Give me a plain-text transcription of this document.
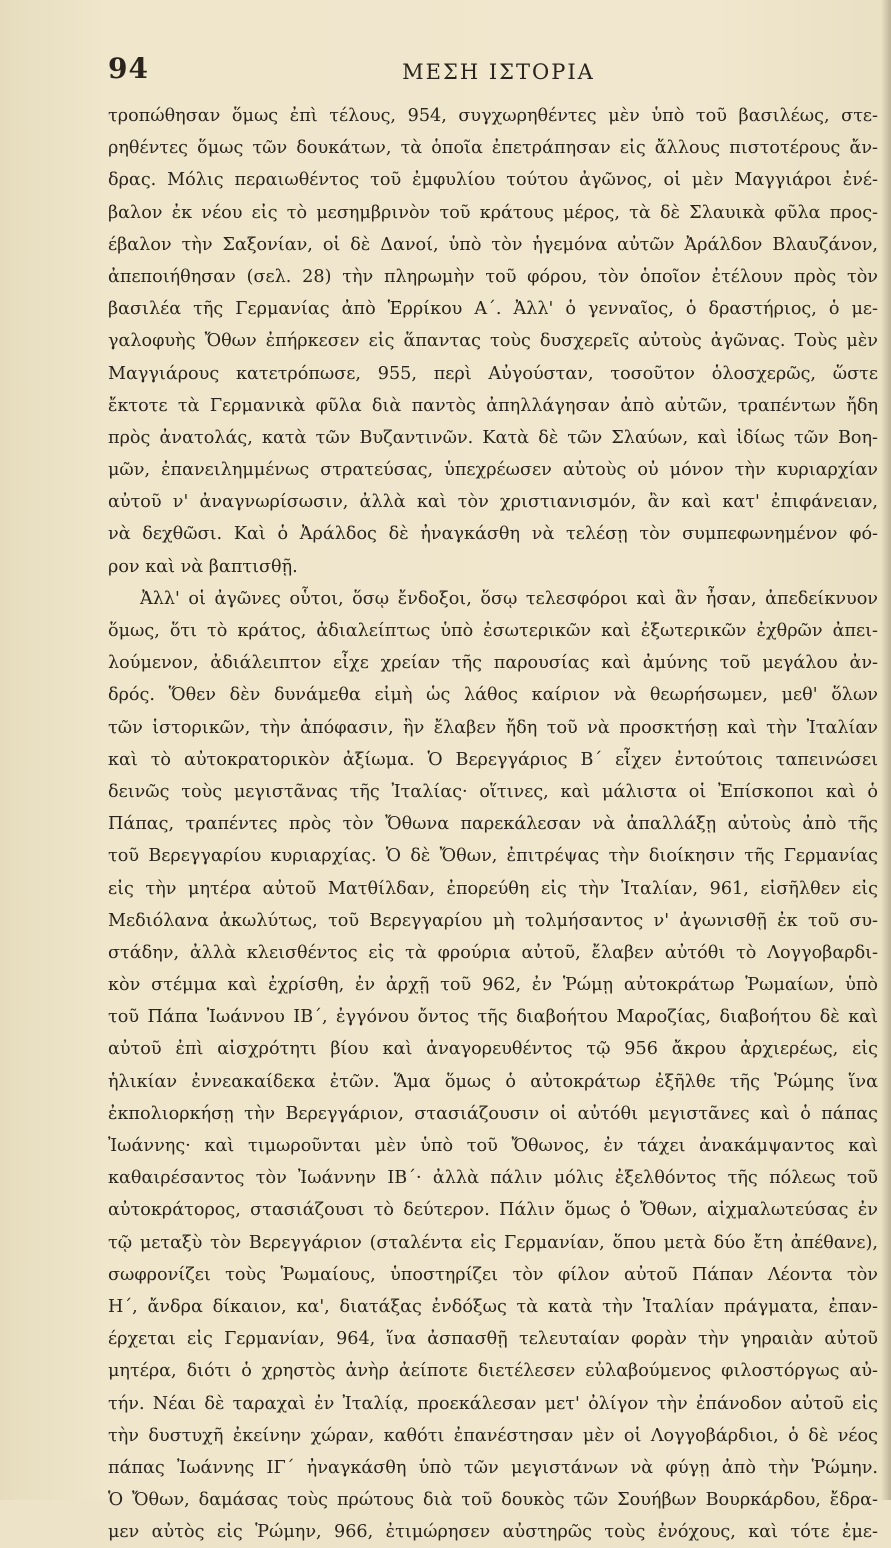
94	ΜΕΣΗ ΙΣΤΟΡΙΑ
τροπώθησαν ὅμως ἐπὶ τέλους, 954, συγχωρηθέντες μὲν ὑπὸ τοῦ βασιλέως, στε-
ρηθέντες ὅμως τῶν δουκάτων, τὰ ὁποῖα ἐπετράπησαν εἰς ἄλλους πιστοτέρους ἄν-
δρας. Μόλις περαιωθέντος τοῦ ἐμφυλίου τούτου ἀγῶνος, οἱ μὲν Μαγγιάροι ἐνέ-
βαλον ἐκ νέου εἰς τὸ μεσημβρινὸν τοῦ κράτους μέρος, τὰ δὲ Σλαυικὰ φῦλα προς-
έβαλον τὴν Σαξονίαν, οἱ δὲ Δανοί, ὑπὸ τὸν ἡγεμόνα αὐτῶν Ἀράλδον Βλαυζάνον,
ἀπεποιήθησαν (σελ. 28) τὴν πληρωμὴν τοῦ φόρου, τὸν ὁποῖον ἐτέλουν πρὸς τὸν
βασιλέα τῆς Γερμανίας ἀπὸ Ἑρρίκου Α΄. Ἀλλ' ὁ γενναῖος, ὁ δραστήριος, ὁ με-
γαλοφυὴς Ὄθων ἐπήρκεσεν εἰς ἅπαντας τοὺς δυσχερεῖς αὐτοὺς ἀγῶνας. Τοὺς μὲν
Μαγγιάρους κατετρόπωσε, 955, περὶ Αὐγούσταν, τοσοῦτον ὁλοσχερῶς, ὥστε
ἔκτοτε τὰ Γερμανικὰ φῦλα διὰ παντὸς ἀπηλλάγησαν ἀπὸ αὐτῶν, τραπέντων ἤδη
πρὸς ἀνατολάς, κατὰ τῶν Βυζαντινῶν. Κατὰ δὲ τῶν Σλαύων, καὶ ἰδίως τῶν Βοη-
μῶν, ἐπανειλημμένως στρατεύσας, ὑπεχρέωσεν αὐτοὺς οὐ μόνον τὴν κυριαρχίαν
αὐτοῦ ν' ἀναγνωρίσωσιν, ἀλλὰ καὶ τὸν χριστιανισμόν, ἂν καὶ κατ' ἐπιφάνειαν,
νὰ δεχθῶσι. Καὶ ὁ Ἀράλδος δὲ ἠναγκάσθη νὰ τελέσῃ τὸν συμπεφωνημένον φό-
ρον καὶ νὰ βαπτισθῇ.
Ἀλλ' οἱ ἀγῶνες οὗτοι, ὅσῳ ἔνδοξοι, ὅσῳ τελεσφόροι καὶ ἂν ἦσαν, ἀπεδείκνυον
ὅμως, ὅτι τὸ κράτος, ἀδιαλείπτως ὑπὸ ἐσωτερικῶν καὶ ἐξωτερικῶν ἐχθρῶν ἀπει-
λούμενον, ἀδιάλειπτον εἶχε χρείαν τῆς παρουσίας καὶ ἀμύνης τοῦ μεγάλου ἀν-
δρός. Ὅθεν δὲν δυνάμεθα εἰμὴ ὡς λάθος καίριον νὰ θεωρήσωμεν, μεθ' ὅλων
τῶν ἱστορικῶν, τὴν ἀπόφασιν, ἣν ἔλαβεν ἤδη τοῦ νὰ προσκτήσῃ καὶ τὴν Ἰταλίαν
καὶ τὸ αὐτοκρατορικὸν ἀξίωμα. Ὁ Βερεγγάριος Β΄ εἶχεν ἐντούτοις ταπεινώσει
δεινῶς τοὺς μεγιστᾶνας τῆς Ἰταλίας· οἵτινες, καὶ μάλιστα οἱ Ἐπίσκοποι καὶ ὁ
Πάπας, τραπέντες πρὸς τὸν Ὄθωνα παρεκάλεσαν νὰ ἀπαλλάξῃ αὐτοὺς ἀπὸ τῆς
τοῦ Βερεγγαρίου κυριαρχίας. Ὁ δὲ Ὄθων, ἐπιτρέψας τὴν διοίκησιν τῆς Γερμανίας
εἰς τὴν μητέρα αὐτοῦ Ματθίλδαν, ἐπορεύθη εἰς τὴν Ἰταλίαν, 961, εἰσῆλθεν εἰς
Μεδιόλανα ἀκωλύτως, τοῦ Βερεγγαρίου μὴ τολμήσαντος ν' ἀγωνισθῇ ἐκ τοῦ συ-
στάδην, ἀλλὰ κλεισθέντος εἰς τὰ φρούρια αὐτοῦ, ἔλαβεν αὐτόθι τὸ Λογγοβαρδι-
κὸν στέμμα καὶ ἐχρίσθη, ἐν ἀρχῇ τοῦ 962, ἐν Ῥώμῃ αὐτοκράτωρ Ῥωμαίων, ὑπὸ
τοῦ Πάπα Ἰωάννου ΙΒ΄, ἐγγόνου ὄντος τῆς διαβοήτου Μαροζίας, διαβοήτου δὲ καὶ
αὐτοῦ ἐπὶ αἰσχρότητι βίου καὶ ἀναγορευθέντος τῷ 956 ἄκρου ἀρχιερέως, εἰς
ἡλικίαν ἐννεακαίδεκα ἐτῶν. Ἅμα ὅμως ὁ αὐτοκράτωρ ἐξῆλθε τῆς Ῥώμης ἵνα
ἐκπολιορκήσῃ τὴν Βερεγγάριον, στασιάζουσιν οἱ αὐτόθι μεγιστᾶνες καὶ ὁ πάπας
Ἰωάννης· καὶ τιμωροῦνται μὲν ὑπὸ τοῦ Ὄθωνος, ἐν τάχει ἀνακάμψαντος καὶ
καθαιρέσαντος τὸν Ἰωάννην ΙΒ΄· ἀλλὰ πάλιν μόλις ἐξελθόντος τῆς πόλεως τοῦ
αὐτοκράτορος, στασιάζουσι τὸ δεύτερον. Πάλιν ὅμως ὁ Ὄθων, αἰχμαλωτεύσας ἐν
τῷ μεταξὺ τὸν Βερεγγάριον (σταλέντα εἰς Γερμανίαν, ὅπου μετὰ δύο ἔτη ἀπέθανε),
σωφρονίζει τοὺς Ῥωμαίους, ὑποστηρίζει τὸν φίλον αὐτοῦ Πάπαν Λέοντα τὸν
Η΄, ἄνδρα δίκαιον, κα', διατάξας ἐνδόξως τὰ κατὰ τὴν Ἰταλίαν πράγματα, ἐπαν-
έρχεται εἰς Γερμανίαν, 964, ἵνα ἀσπασθῇ τελευταίαν φορὰν τὴν γηραιὰν αὐτοῦ
μητέρα, διότι ὁ χρηστὸς ἀνὴρ ἀείποτε διετέλεσεν εὐλαβούμενος φιλοστόργως αὐ-
τήν. Νέαι δὲ ταραχαὶ ἐν Ἰταλίᾳ, προεκάλεσαν μετ' ὀλίγον τὴν ἐπάνοδον αὐτοῦ εἰς
τὴν δυστυχῆ ἐκείνην χώραν, καθότι ἐπανέστησαν μὲν οἱ Λογγοβάρδιοι, ὁ δὲ νέος
πάπας Ἰωάννης ΙΓ΄ ἠναγκάσθη ὑπὸ τῶν μεγιστάνων νὰ φύγῃ ἀπὸ τὴν Ῥώμην.
Ὁ Ὄθων, δαμάσας τοὺς πρώτους διὰ τοῦ δουκὸς τῶν Σουήβων Βουρκάρδου, ἔδρα-
μεν αὐτὸς εἰς Ῥώμην, 966, ἐτιμώρησεν αὐστηρῶς τοὺς ἐνόχους, καὶ τότε ἐμε-
